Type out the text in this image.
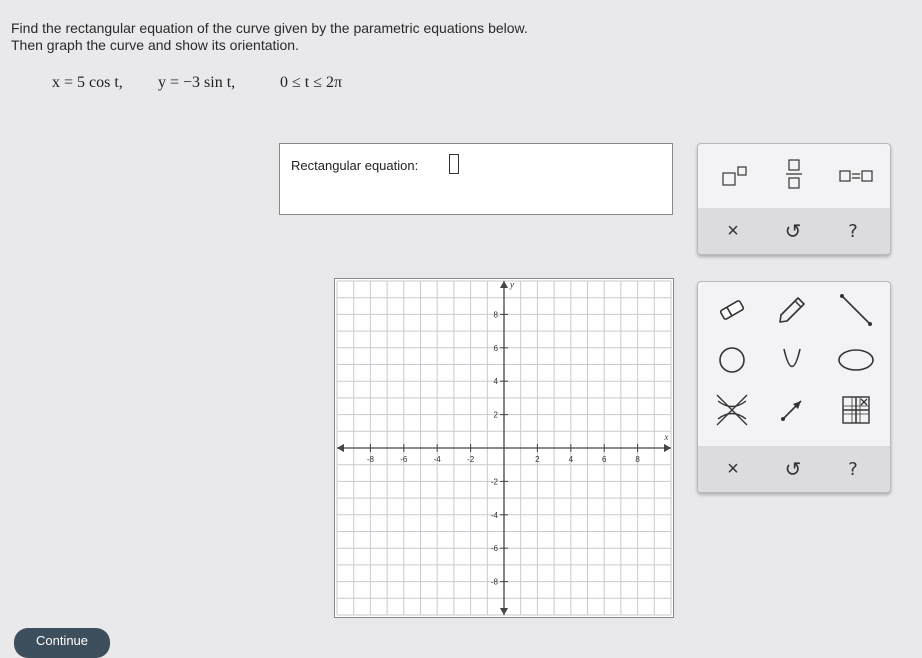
Find the rectangular equation of the curve given by the parametric equations below.
Then graph the curve and show its orientation.
x = 5 cos t, y = −3 sin t,	0 ≤ t ≤ 2π
Rectangular equation:
× ↺	?
-8	-6	-4	-2	2	4	6	8
8
6
4
2
-2
-4
-6
-8
x
y
× ↺	?
Continue
